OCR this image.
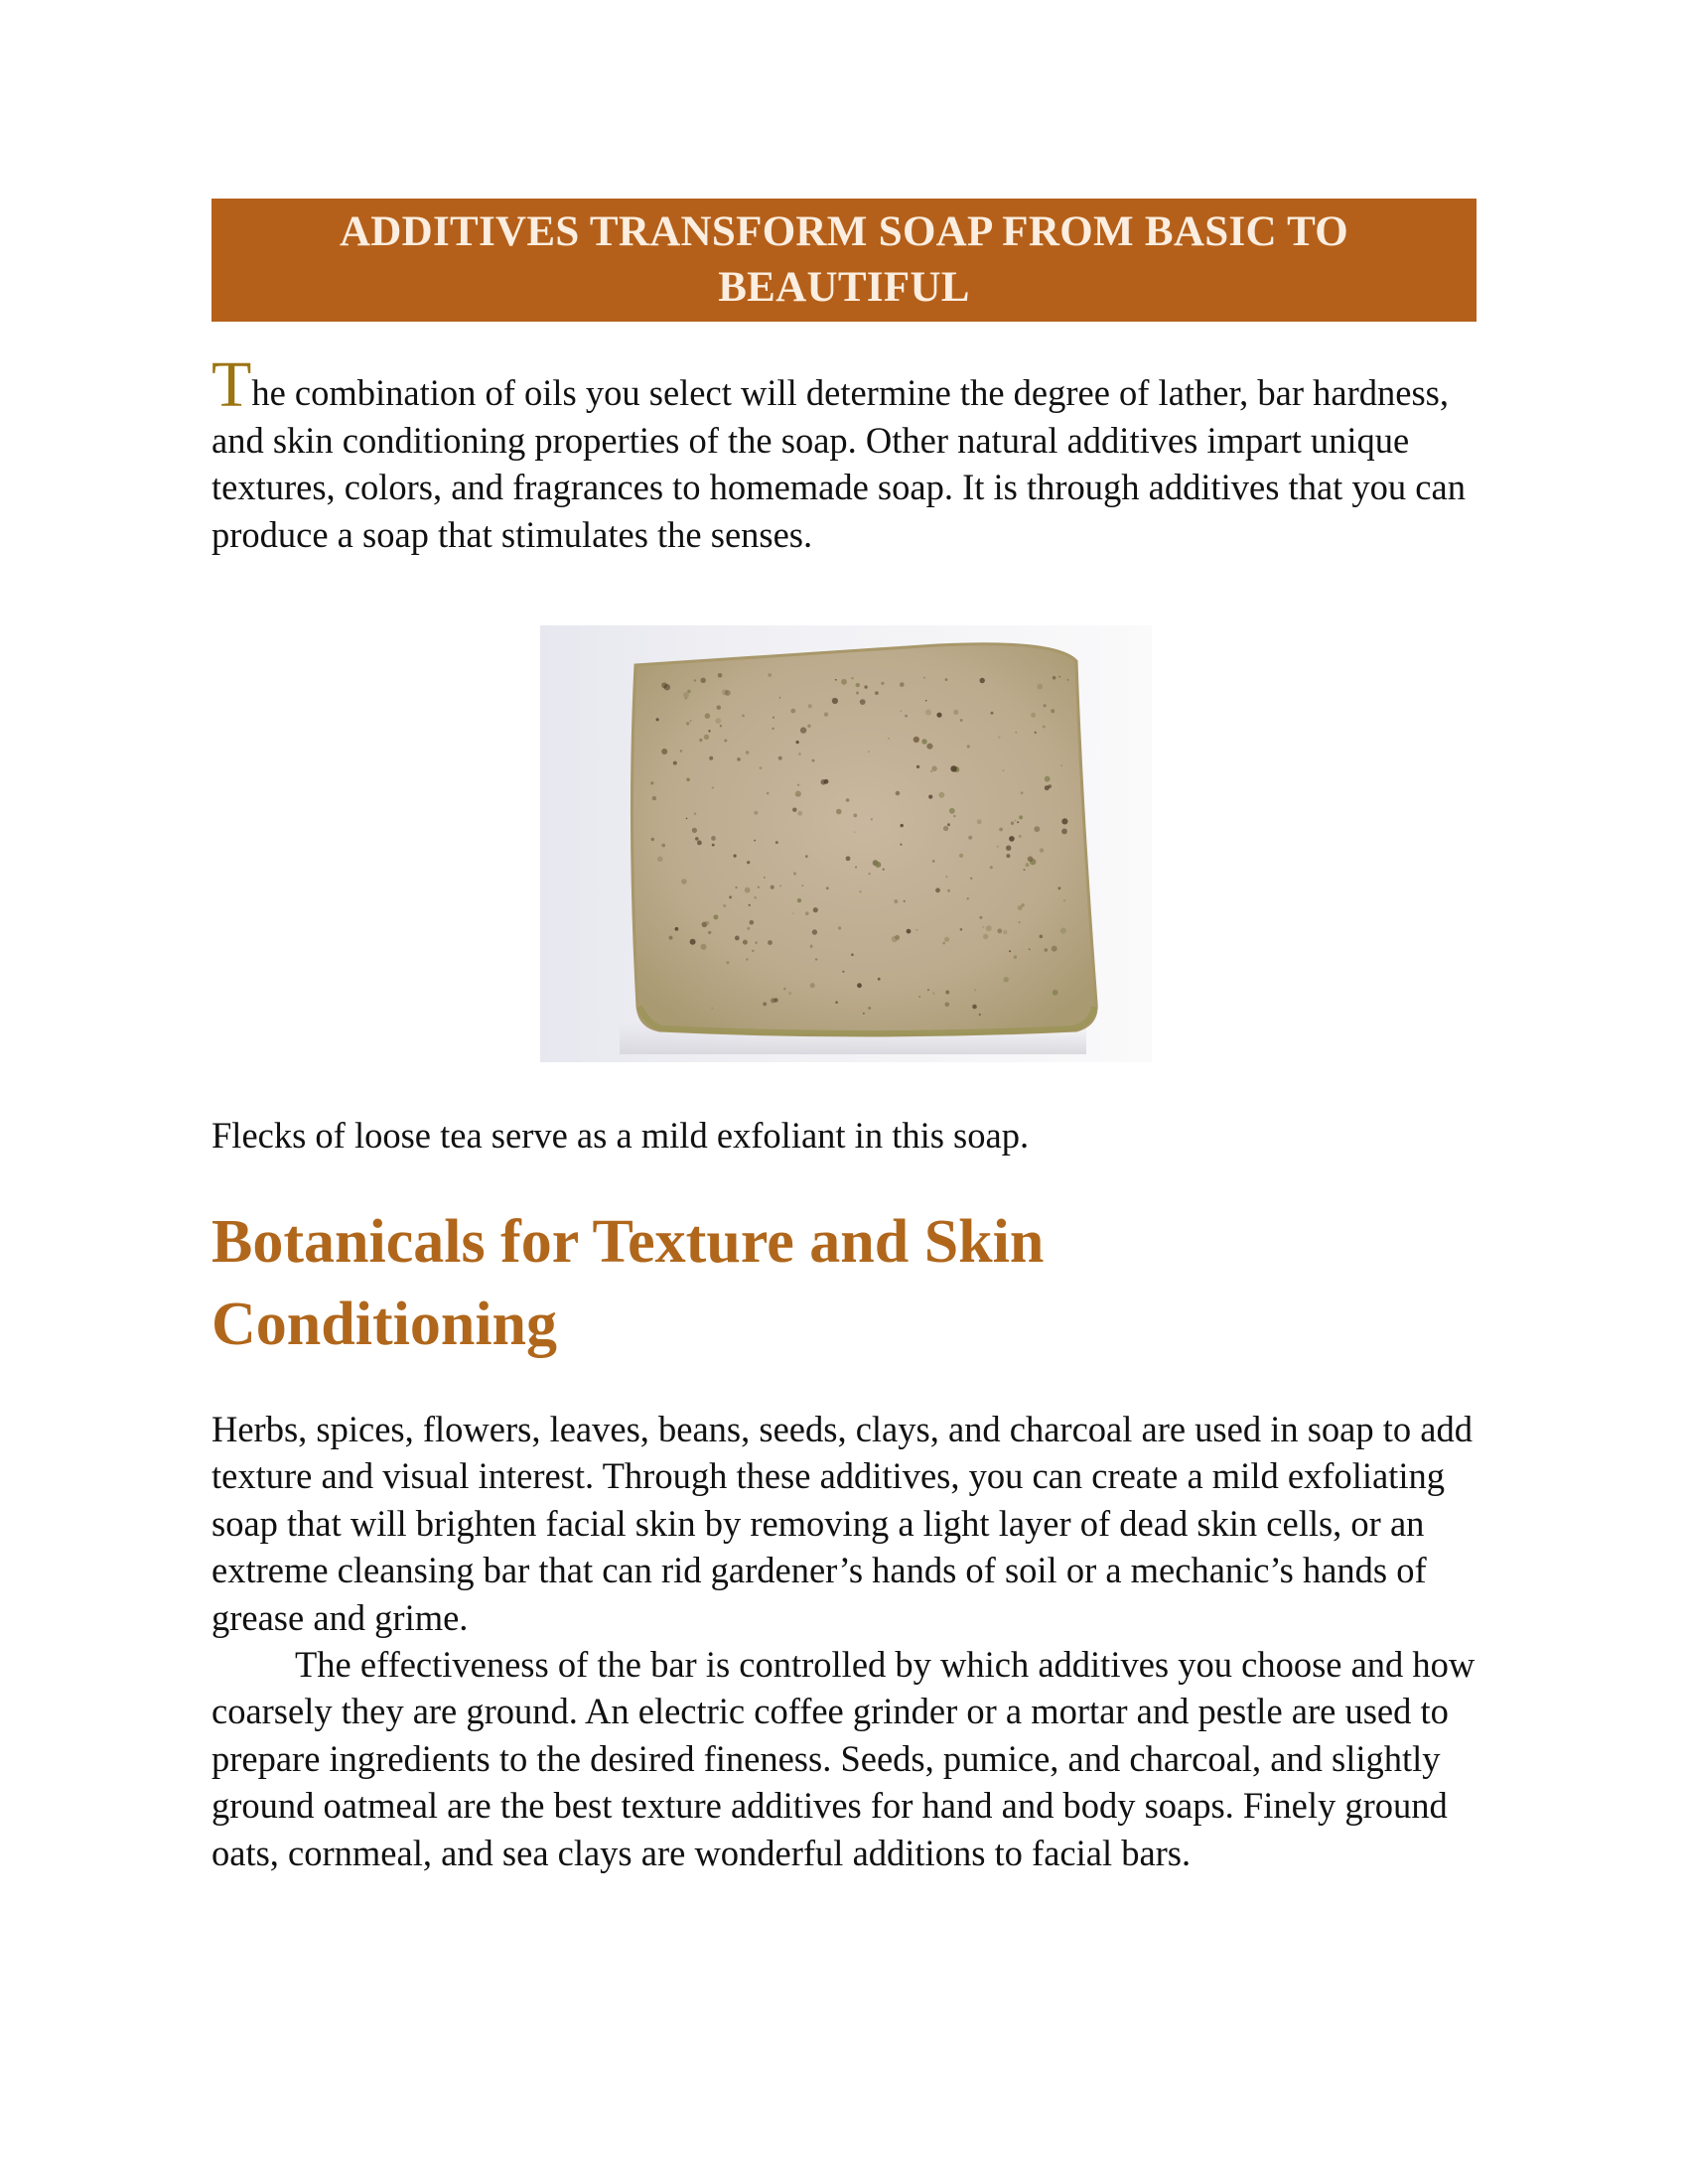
ADDITIVES TRANSFORM SOAP FROM BASIC TO BEAUTIFUL

The combination of oils you select will determine the degree of lather, bar hardness, and skin conditioning properties of the soap. Other natural additives impart unique textures, colors, and fragrances to homemade soap. It is through additives that you can produce a soap that stimulates the senses.

Flecks of loose tea serve as a mild exfoliant in this soap.

Botanicals for Texture and Skin Conditioning

Herbs, spices, flowers, leaves, beans, seeds, clays, and charcoal are used in soap to add texture and visual interest. Through these additives, you can create a mild exfoliating soap that will brighten facial skin by removing a light layer of dead skin cells, or an extreme cleansing bar that can rid gardener’s hands of soil or a mechanic’s hands of grease and grime.

The effectiveness of the bar is controlled by which additives you choose and how coarsely they are ground. An electric coffee grinder or a mortar and pestle are used to prepare ingredients to the desired fineness. Seeds, pumice, and charcoal, and slightly ground oatmeal are the best texture additives for hand and body soaps. Finely ground oats, cornmeal, and sea clays are wonderful additions to facial bars.
